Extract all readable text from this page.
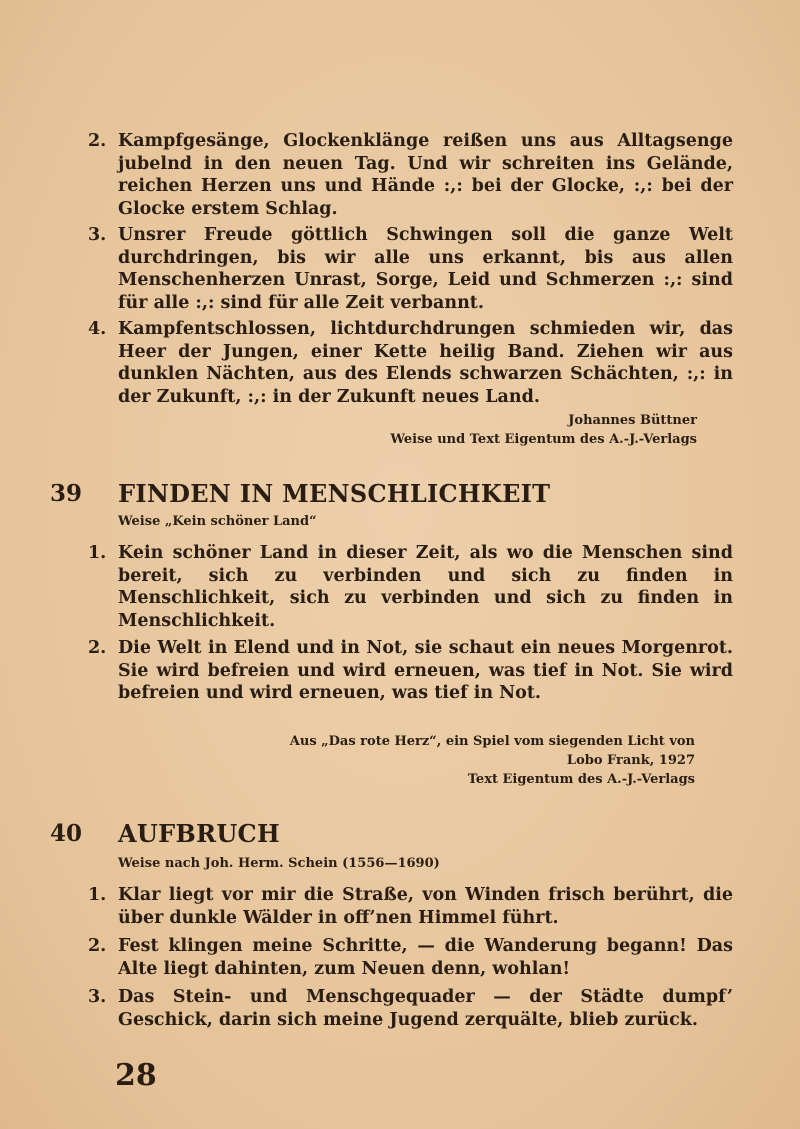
2. Kampfgesänge, Glockenklänge reißen uns aus Alltagsenge jubelnd in den neuen Tag. Und wir schreiten ins Gelände, reichen Herzen uns und Hände :,: bei der Glocke, :,: bei der Glocke erstem Schlag.
3. Unsrer Freude göttlich Schwingen soll die ganze Welt durchdringen, bis wir alle uns erkannt, bis aus allen Menschenherzen Unrast, Sorge, Leid und Schmerzen :,: sind für alle :,: sind für alle Zeit verbannt.
4. Kampfentschlossen, lichtdurchdrungen schmieden wir, das Heer der Jungen, einer Kette heilig Band. Ziehen wir aus dunklen Nächten, aus des Elends schwarzen Schächten, :,: in der Zukunft, :,: in der Zukunft neues Land.
Johannes Büttner
Weise und Text Eigentum des A.-J.-Verlags
39 FINDEN IN MENSCHLICHKEIT
Weise „Kein schöner Land“
1. Kein schöner Land in dieser Zeit, als wo die Menschen sind bereit, sich zu verbinden und sich zu finden in Menschlichkeit, sich zu verbinden und sich zu finden in Menschlichkeit.
2. Die Welt in Elend und in Not, sie schaut ein neues Morgenrot. Sie wird befreien und wird erneuen, was tief in Not. Sie wird befreien und wird erneuen, was tief in Not.
Aus „Das rote Herz“, ein Spiel vom siegenden Licht von
Lobo Frank, 1927
Text Eigentum des A.-J.-Verlags
40 AUFBRUCH
Weise nach Joh. Herm. Schein (1556—1690)
1. Klar liegt vor mir die Straße, von Winden frisch berührt, die über dunkle Wälder in off’nen Himmel führt.
2. Fest klingen meine Schritte, — die Wanderung begann! Das Alte liegt dahinten, zum Neuen denn, wohlan!
3. Das Stein- und Menschgequader — der Städte dumpf’ Geschick, darin sich meine Jugend zerquälte, blieb zurück.
28
